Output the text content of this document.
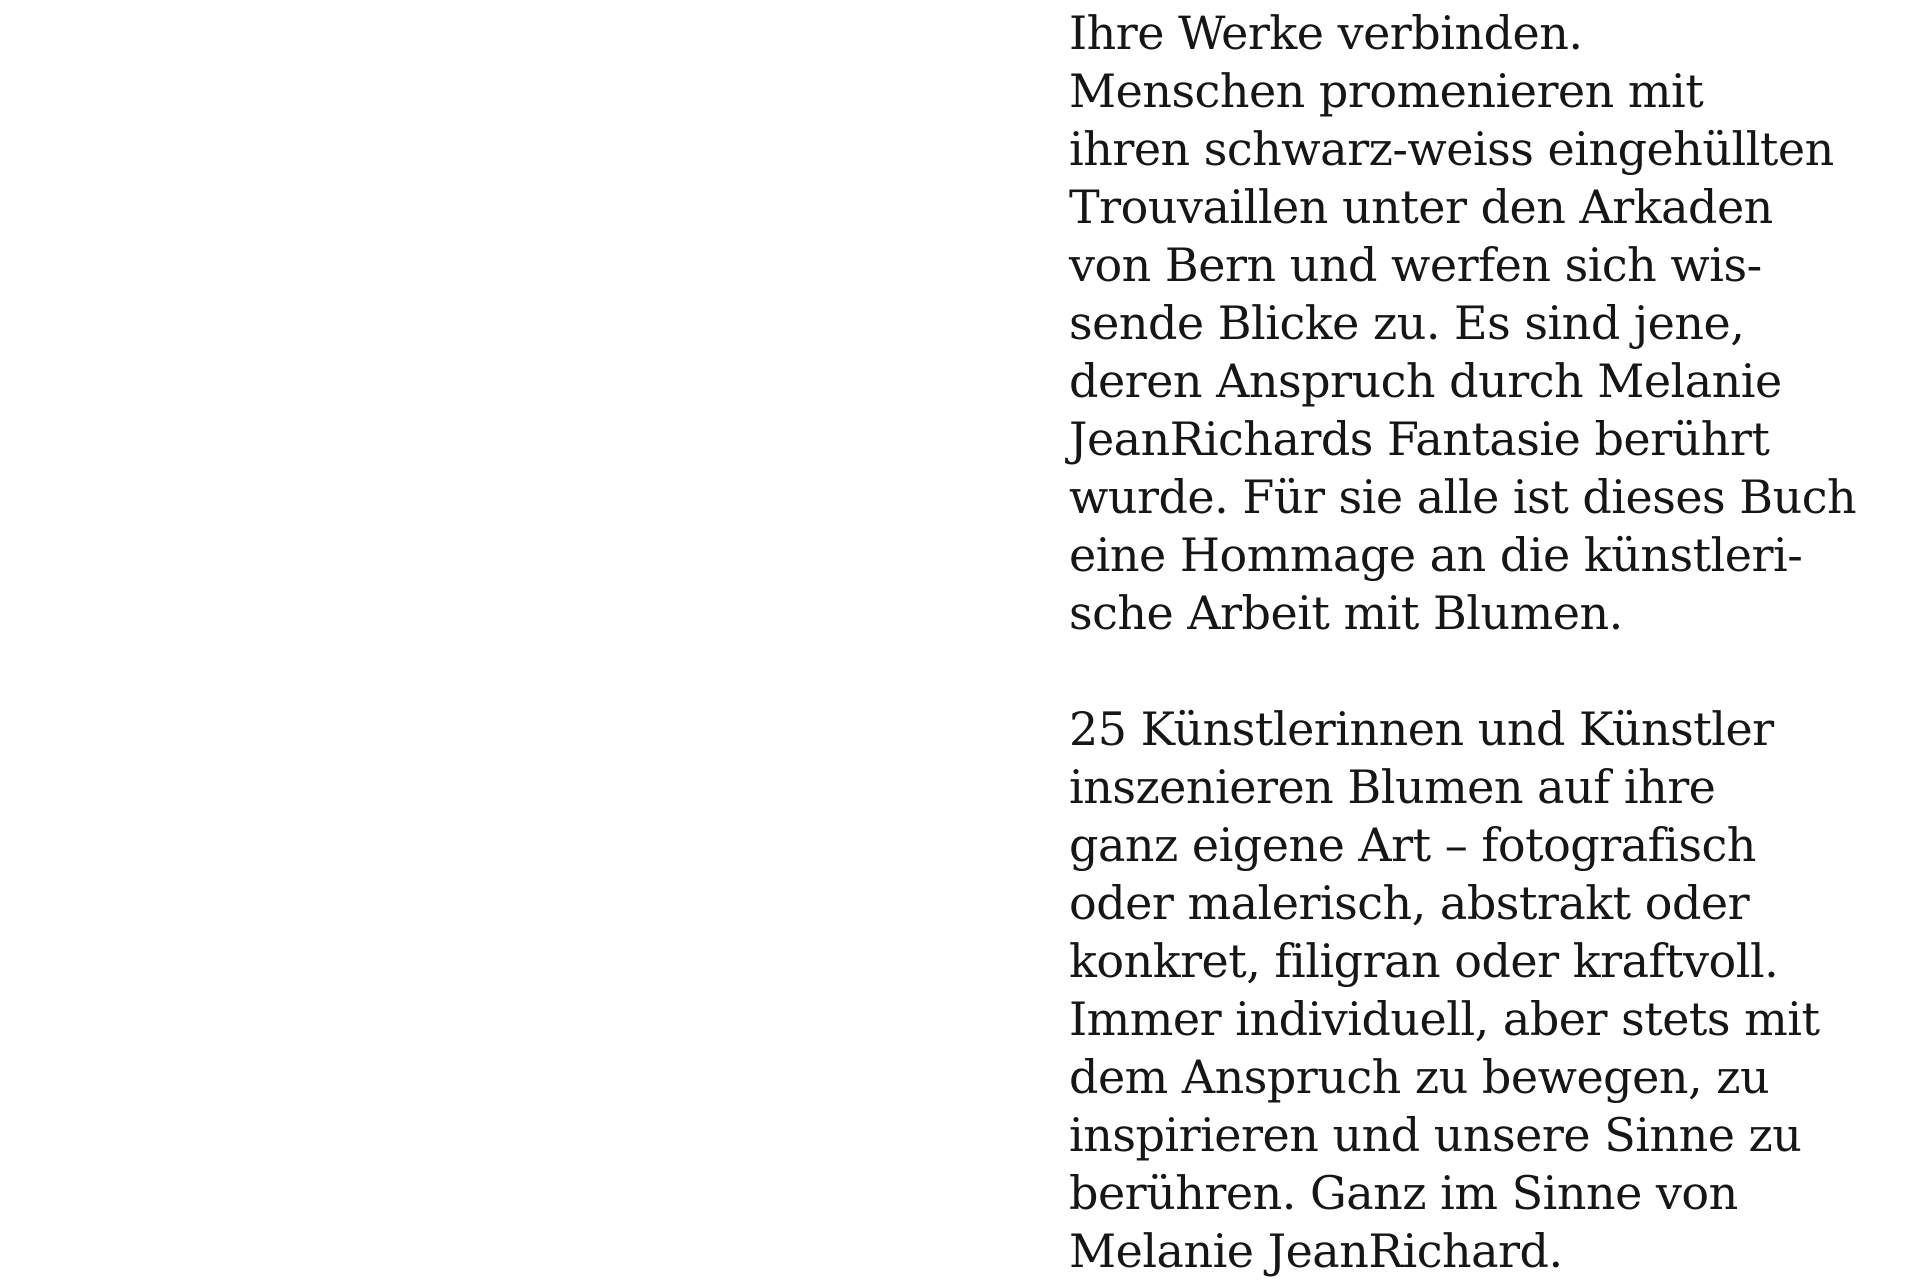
Ihre Werke verbinden.
Menschen promenieren mit
ihren schwarz-weiss eingehüllten
Trouvaillen unter den Arkaden
von Bern und werfen sich wis-
sende Blicke zu. Es sind jene,
deren Anspruch durch Melanie
JeanRichards Fantasie berührt
wurde. Für sie alle ist dieses Buch
eine Hommage an die künstleri-
sche Arbeit mit Blumen.
25 Künstlerinnen und Künstler
inszenieren Blumen auf ihre
ganz eigene Art – fotografisch
oder malerisch, abstrakt oder
konkret, filigran oder kraftvoll.
Immer individuell, aber stets mit
dem Anspruch zu bewegen, zu
inspirieren und unsere Sinne zu
berühren. Ganz im Sinne von
Melanie JeanRichard.
